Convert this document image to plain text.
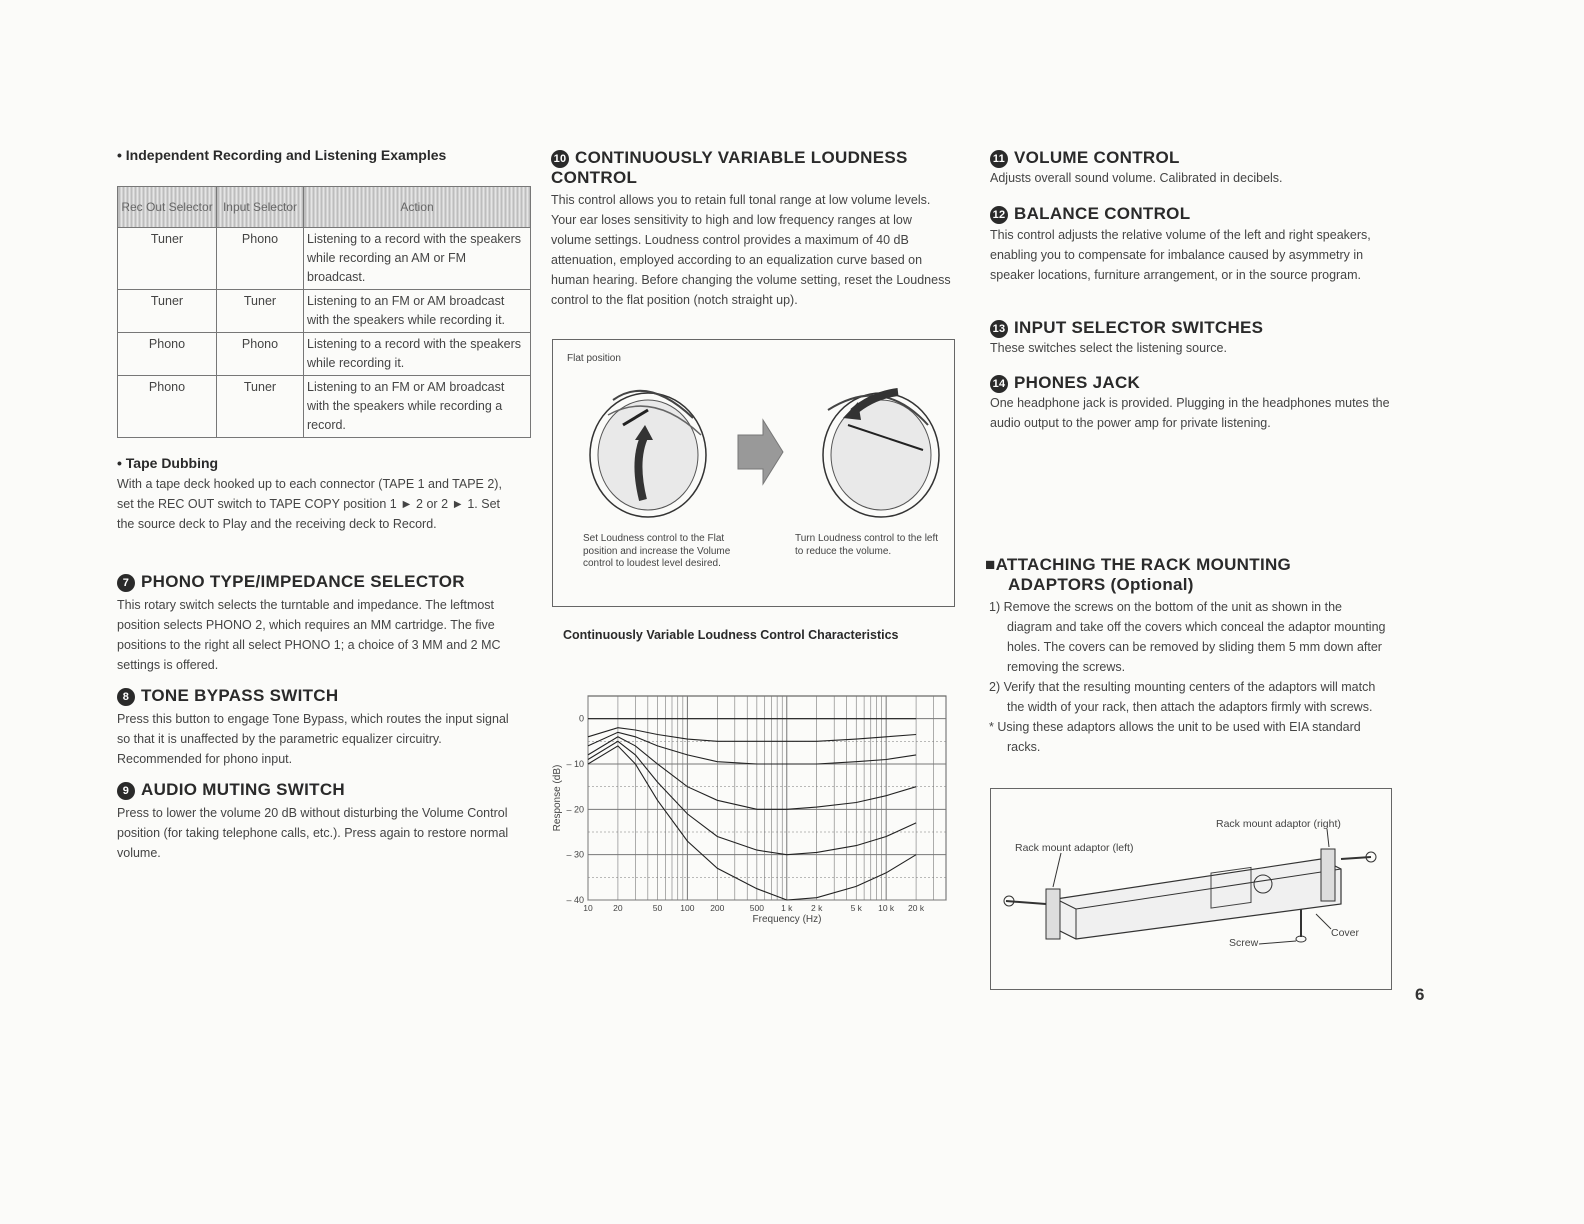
• Independent Recording and Listening Examples

Rec Out Selector	Input Selector	Action
Tuner	Phono	Listening to a record with the speakers while recording an AM or FM broadcast.
Tuner	Tuner	Listening to an FM or AM broadcast with the speakers while recording it.
Phono	Phono	Listening to a record with the speakers while recording it.
Phono	Tuner	Listening to an FM or AM broadcast with the speakers while recording a record.

• Tape Dubbing

With a tape deck hooked up to each connector (TAPE 1 and TAPE 2), set the REC OUT switch to TAPE COPY position 1 ► 2 or 2 ► 1. Set the source deck to Play and the receiving deck to Record.

7 PHONO TYPE/IMPEDANCE SELECTOR

This rotary switch selects the turntable and impedance. The leftmost position selects PHONO 2, which requires an MM cartridge. The five positions to the right all select PHONO 1; a choice of 3 MM and 2 MC settings is offered.

8 TONE BYPASS SWITCH

Press this button to engage Tone Bypass, which routes the input signal so that it is unaffected by the parametric equalizer circuitry. Recommended for phono input.

9 AUDIO MUTING SWITCH

Press to lower the volume 20 dB without disturbing the Volume Control position (for taking telephone calls, etc.). Press again to restore normal volume.

10 CONTINUOUSLY VARIABLE LOUDNESS CONTROL

This control allows you to retain full tonal range at low volume levels. Your ear loses sensitivity to high and low frequency ranges at low volume settings. Loudness control provides a maximum of 40 dB attenuation, employed according to an equalization curve based on human hearing. Before changing the volume setting, reset the Loudness control to the flat position (notch straight up).

Flat position
Set Loudness control to the Flat position and increase the Volume control to loudest level desired.
Turn Loudness control to the left to reduce the volume.

Continuously Variable Loudness Control Characteristics

0
– 10
– 20
– 30
– 40
10 20	50 100 200	500 1 k 2 k	5 k 10 k 20 k
Frequency (Hz)
Response (dB)

11 VOLUME CONTROL

Adjusts overall sound volume. Calibrated in decibels.

12 BALANCE CONTROL

This control adjusts the relative volume of the left and right speakers, enabling you to compensate for imbalance caused by asymmetry in speaker locations, furniture arrangement, or in the source program.

13 INPUT SELECTOR SWITCHES

These switches select the listening source.

14 PHONES JACK

One headphone jack is provided. Plugging in the headphones mutes the audio output to the power amp for private listening.

■ATTACHING THE RACK MOUNTING

ADAPTORS (Optional)

1) Remove the screws on the bottom of the unit as shown in the diagram and take off the covers which conceal the adaptor mounting holes. The covers can be removed by sliding them 5 mm down after removing the screws.
2) Verify that the resulting mounting centers of the adaptors will match the width of your rack, then attach the adaptors firmly with screws.
* Using these adaptors allows the unit to be used with EIA standard racks.
Rack mount adaptor (right)
Rack mount adaptor (left)
Cover
Screw
6
